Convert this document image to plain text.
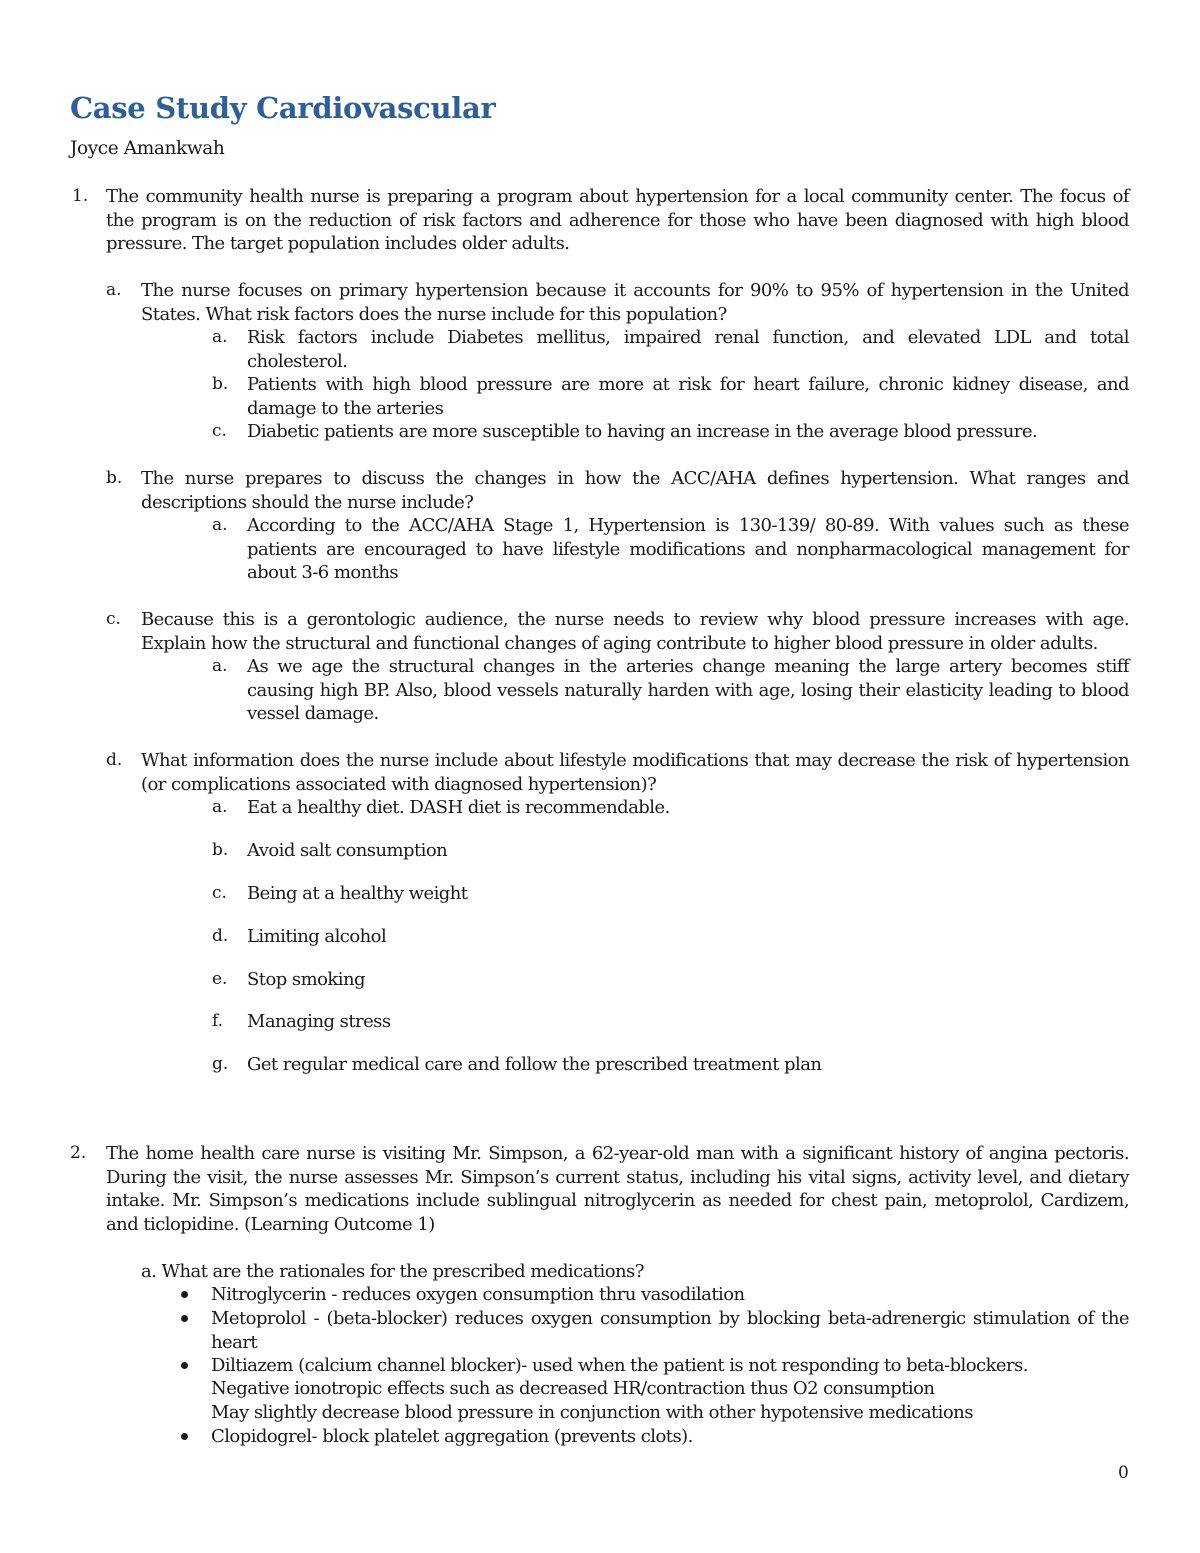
Case Study Cardiovascular
Joyce Amankwah
1. The community health nurse is preparing a program about hypertension for a local community center. The focus of the program is on the reduction of risk factors and adherence for those who have been diagnosed with high blood pressure. The target population includes older adults.
a. The nurse focuses on primary hypertension because it accounts for 90% to 95% of hypertension in the United States. What risk factors does the nurse include for this population?
a. Risk factors include Diabetes mellitus, impaired renal function, and elevated LDL and total cholesterol.
b. Patients with high blood pressure are more at risk for heart failure, chronic kidney disease, and damage to the arteries
c. Diabetic patients are more susceptible to having an increase in the average blood pressure.
b. The nurse prepares to discuss the changes in how the ACC/AHA defines hypertension. What ranges and descriptions should the nurse include?
a. According to the ACC/AHA Stage 1, Hypertension is 130-139/ 80-89. With values such as these patients are encouraged to have lifestyle modifications and nonpharmacological management for about 3-6 months
c. Because this is a gerontologic audience, the nurse needs to review why blood pressure increases with age. Explain how the structural and functional changes of aging contribute to higher blood pressure in older adults.
a. As we age the structural changes in the arteries change meaning the large artery becomes stiff causing high BP. Also, blood vessels naturally harden with age, losing their elasticity leading to blood vessel damage.
d. What information does the nurse include about lifestyle modifications that may decrease the risk of hypertension (or complications associated with diagnosed hypertension)?
a. Eat a healthy diet. DASH diet is recommendable.
b. Avoid salt consumption
c. Being at a healthy weight
d. Limiting alcohol
e. Stop smoking
f. Managing stress
g. Get regular medical care and follow the prescribed treatment plan
2. The home health care nurse is visiting Mr. Simpson, a 62-year-old man with a significant history of angina pectoris. During the visit, the nurse assesses Mr. Simpson’s current status, including his vital signs, activity level, and dietary intake. Mr. Simpson’s medications include sublingual nitroglycerin as needed for chest pain, metoprolol, Cardizem, and ticlopidine. (Learning Outcome 1)
a. What are the rationales for the prescribed medications?
Nitroglycerin - reduces oxygen consumption thru vasodilation
Metoprolol - (beta-blocker) reduces oxygen consumption by blocking beta-adrenergic stimulation of the heart
Diltiazem (calcium channel blocker)- used when the patient is not responding to beta-blockers.
Negative ionotropic effects such as decreased HR/contraction thus O2 consumption
May slightly decrease blood pressure in conjunction with other hypotensive medications
Clopidogrel- block platelet aggregation (prevents clots).
0
